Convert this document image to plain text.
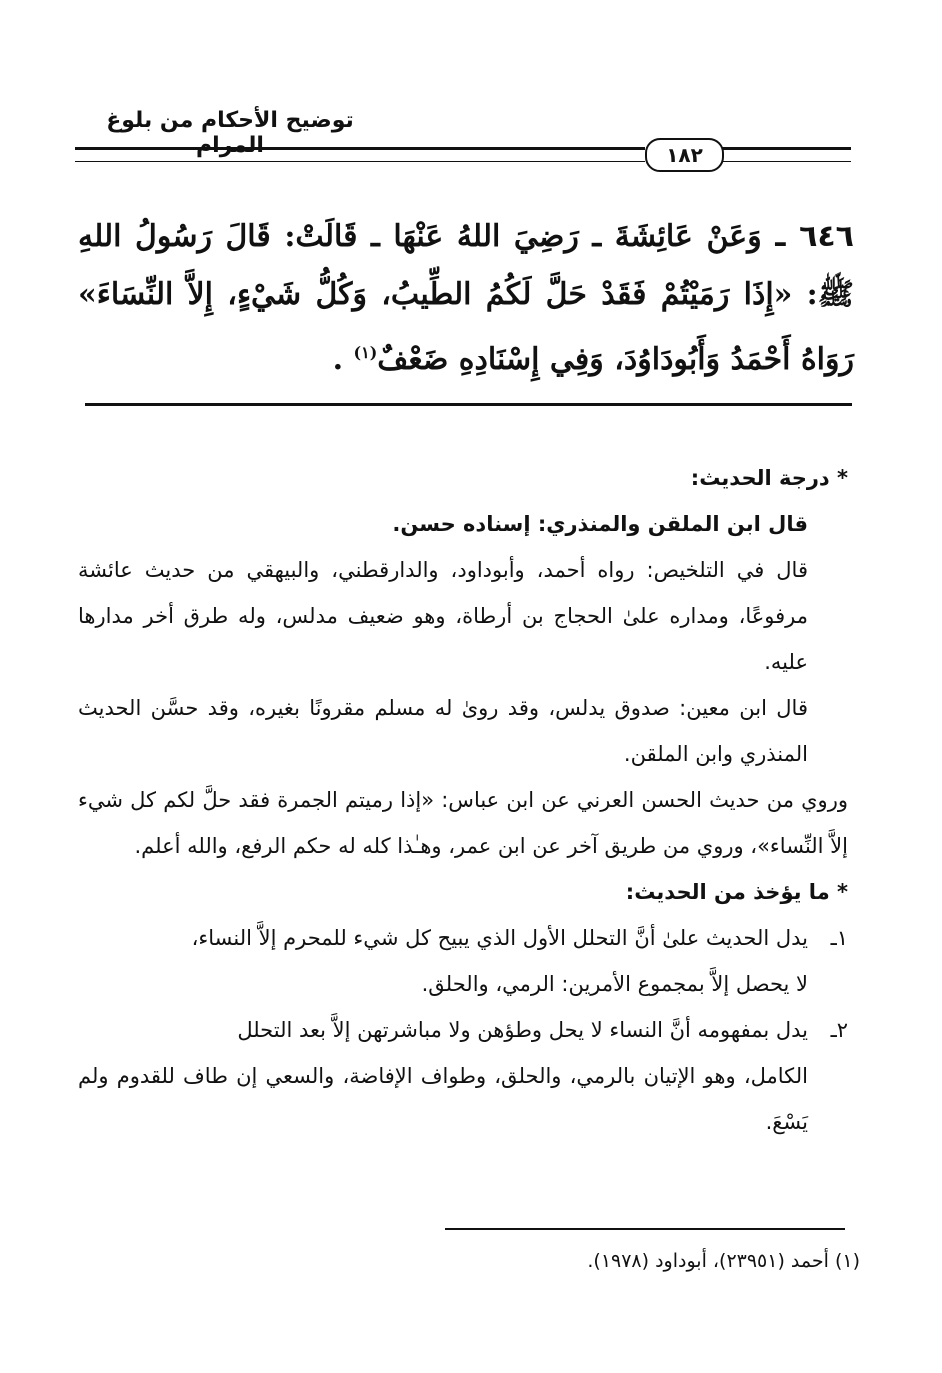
توضيح الأحكام من بلوغ المرام	١٨٢
٦٤٦ ـ وَعَنْ عَائِشَةَ ـ رَضِيَ اللهُ عَنْهَا ـ قَالَتْ: قَالَ رَسُولُ اللهِ ﷺ: «إِذَا رَمَيْتُمْ فَقَدْ حَلَّ لَكُمُ الطِّيبُ، وَكُلُّ شَيْءٍ، إِلاَّ النِّسَاءَ» رَوَاهُ أَحْمَدُ وَأَبُودَاوُدَ، وَفِي إِسْنَادِهِ ضَعْفٌ$^{(١)}$ .

* درجة الحديث:

قال ابن الملقن والمنذري: إسناده حسن.

قال في التلخيص: رواه أحمد، وأبوداود، والدارقطني، والبيهقي من حديث عائشة مرفوعًا، ومداره علىٰ الحجاج بن أرطاة، وهو ضعيف مدلس، وله طرق أخر مدارها عليه.

قال ابن معين: صدوق يدلس، وقد روىٰ له مسلم مقرونًا بغيره، وقد حسَّن الحديث المنذري وابن الملقن.

وروي من حديث الحسن العرني عن ابن عباس: «إذا رميتم الجمرة فقد حلَّ لكم كل شيء إلاَّ النِّساء»، وروي من طريق آخر عن ابن عمر، وهـٰذا كله له حكم الرفع، والله أعلم.

* ما يؤخذ من الحديث:

١ـيدل الحديث علىٰ أنَّ التحلل الأول الذي يبيح كل شيء للمحرم إلاَّ النساء،
لا يحصل إلاَّ بمجموع الأمرين: الرمي، والحلق.
٢ـيدل بمفهومه أنَّ النساء لا يحل وطؤهن ولا مباشرتهن إلاَّ بعد التحلل
الكامل، وهو الإتيان بالرمي، والحلق، وطواف الإفاضة، والسعي إن طاف للقدوم ولم يَسْعَ.
(١) أحمد (٢٣٩٥١)، أبوداود (١٩٧٨).
